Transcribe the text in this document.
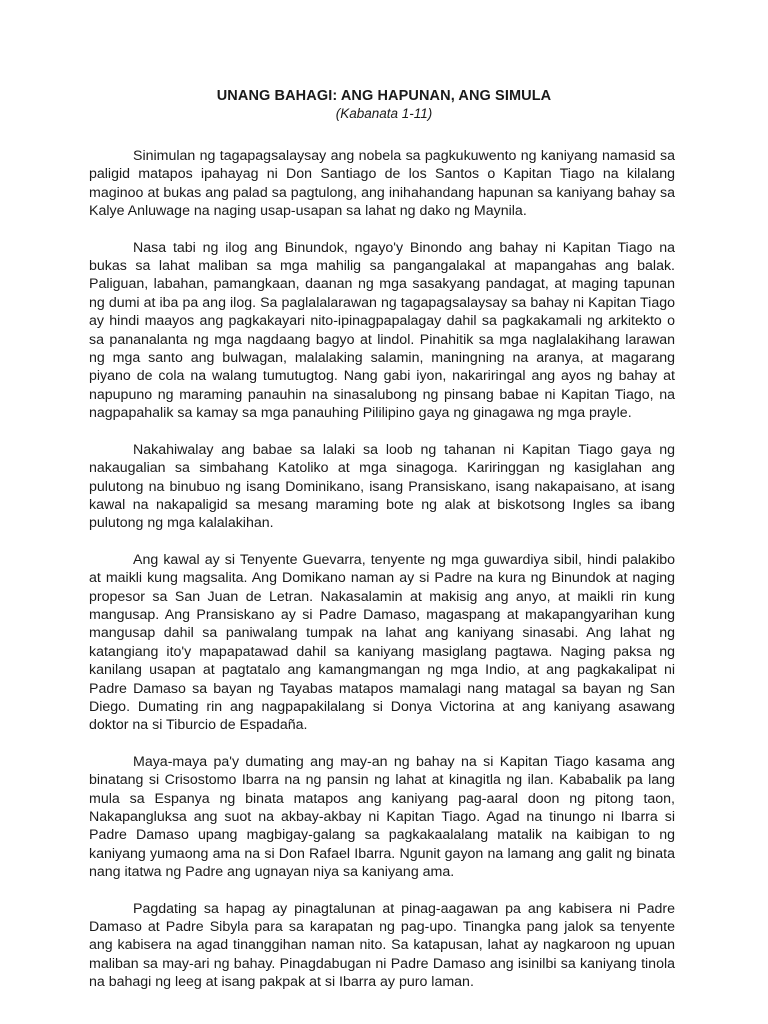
UNANG BAHAGI: ANG HAPUNAN, ANG SIMULA
(Kabanata 1-11)

Sinimulan ng tagapagsalaysay ang nobela sa pagkukuwento ng kaniyang namasid sa paligid matapos ipahayag ni Don Santiago de los Santos o Kapitan Tiago na kilalang maginoo at bukas ang palad sa pagtulong, ang inihahandang hapunan sa kaniyang bahay sa Kalye Anluwage na naging usap-usapan sa lahat ng dako ng Maynila.

Nasa tabi ng ilog ang Binundok, ngayo'y Binondo ang bahay ni Kapitan Tiago na bukas sa lahat maliban sa mga mahilig sa pangangalakal at mapangahas ang balak. Paliguan, labahan, pamangkaan, daanan ng mga sasakyang pandagat, at maging tapunan ng dumi at iba pa ang ilog. Sa paglalalarawan ng tagapagsalaysay sa bahay ni Kapitan Tiago ay hindi maayos ang pagkakayari nito-ipinagpapalagay dahil sa pagkakamali ng arkitekto o sa pananalanta ng mga nagdaang bagyo at lindol. Pinahitik sa mga naglalakihang larawan ng mga santo ang bulwagan, malalaking salamin, maningning na aranya, at magarang piyano de cola na walang tumutugtog. Nang gabi iyon, nakariringal ang ayos ng bahay at napupuno ng maraming panauhin na sinasalubong ng pinsang babae ni Kapitan Tiago, na nagpapahalik sa kamay sa mga panauhing Pililipino gaya ng ginagawa ng mga prayle.

Nakahiwalay ang babae sa lalaki sa loob ng tahanan ni Kapitan Tiago gaya ng nakaugalian sa simbahang Katoliko at mga sinagoga. Kariringgan ng kasiglahan ang pulutong na binubuo ng isang Dominikano, isang Pransiskano, isang nakapaisano, at isang kawal na nakapaligid sa mesang maraming bote ng alak at biskotsong Ingles sa ibang pulutong ng mga kalalakihan.

Ang kawal ay si Tenyente Guevarra, tenyente ng mga guwardiya sibil, hindi palakibo at maikli kung magsalita. Ang Domikano naman ay si Padre na kura ng Binundok at naging propesor sa San Juan de Letran. Nakasalamin at makisig ang anyo, at maikli rin kung mangusap. Ang Pransiskano ay si Padre Damaso, magaspang at makapangyarihan kung mangusap dahil sa paniwalang tumpak na lahat ang kaniyang sinasabi. Ang lahat ng katangiang ito'y mapapatawad dahil sa kaniyang masiglang pagtawa. Naging paksa ng kanilang usapan at pagtatalo ang kamangmangan ng mga Indio, at ang pagkakalipat ni Padre Damaso sa bayan ng Tayabas matapos mamalagi nang matagal sa bayan ng San Diego. Dumating rin ang nagpapakilalang si Donya Victorina at ang kaniyang asawang doktor na si Tiburcio de Espadaña.

Maya-maya pa'y dumating ang may-an ng bahay na si Kapitan Tiago kasama ang binatang si Crisostomo Ibarra na ng pansin ng lahat at kinagitla ng ilan. Kababalik pa lang mula sa Espanya ng binata matapos ang kaniyang pag-aaral doon ng pitong taon, Nakapangluksa ang suot na akbay-akbay ni Kapitan Tiago. Agad na tinungo ni Ibarra si Padre Damaso upang magbigay-galang sa pagkakaalalang matalik na kaibigan to ng kaniyang yumaong ama na si Don Rafael Ibarra. Ngunit gayon na lamang ang galit ng binata nang itatwa ng Padre ang ugnayan niya sa kaniyang ama.

Pagdating sa hapag ay pinagtalunan at pinag-aagawan pa ang kabisera ni Padre Damaso at Padre Sibyla para sa karapatan ng pag-upo. Tinangka pang jalok sa tenyente ang kabisera na agad tinanggihan naman nito. Sa katapusan, lahat ay nagkaroon ng upuan maliban sa may-ari ng bahay. Pinagdabugan ni Padre Damaso ang isinilbi sa kaniyang tinola na bahagi ng leeg at isang pakpak at si Ibarra ay puro laman.
